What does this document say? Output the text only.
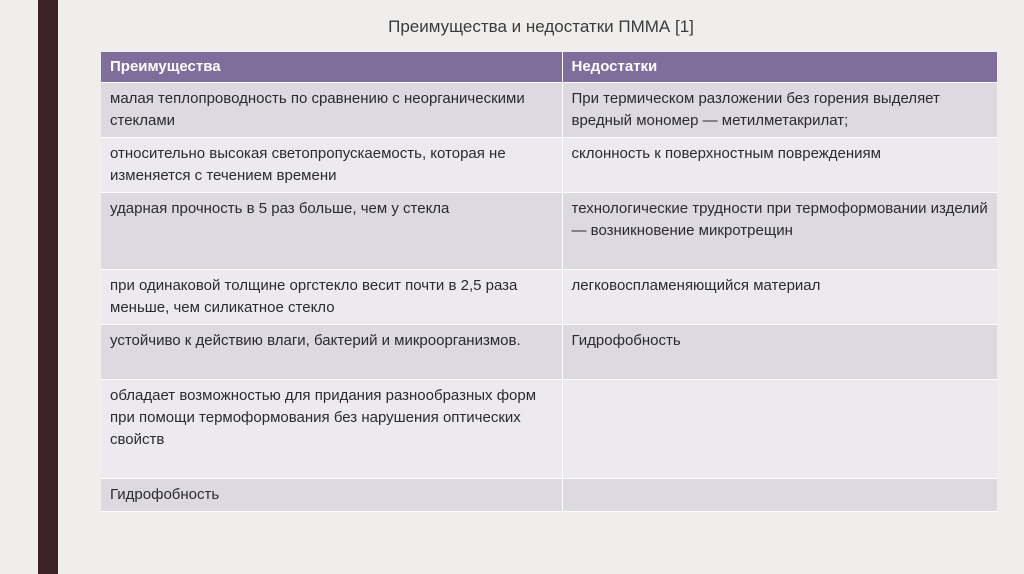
Преимущества и недостатки ПММА [1]
Преимущества	Недостатки
малая теплопроводность по сравнению с неорганическими стеклами	При термическом разложении без горения выделяет вредный мономер — метилметакрилат;
относительно высокая светопропускаемость, которая не изменяется с течением времени	склонность к поверхностным повреждениям
ударная прочность в 5 раз больше, чем у стекла	технологические трудности при термоформовании изделий — возникновение микротрещин
при одинаковой толщине оргстекло весит почти в 2,5 раза меньше, чем силикатное стекло	легковоспламеняющийся материал
устойчиво к действию влаги, бактерий и микроорганизмов.	Гидрофобность
обладает возможностью для придания разнообразных форм при помощи термоформования без нарушения оптических свойств	
Гидрофобность	
